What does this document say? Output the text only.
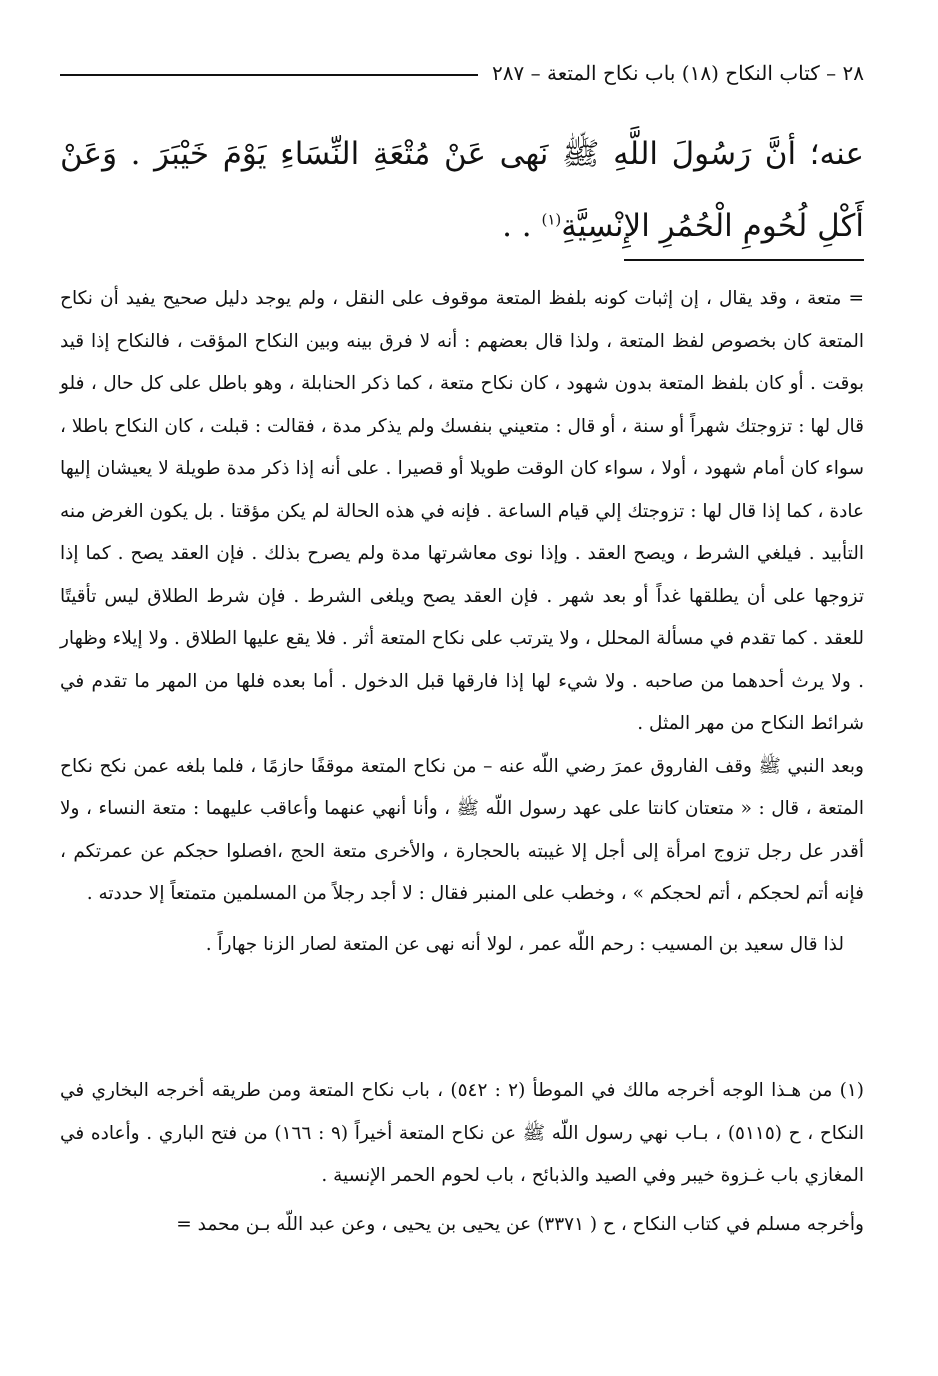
٢٨ – كتاب النكاح (١٨) باب نكاح المتعة – ٢٨٧
عنه؛ أنَّ رَسُولَ اللَّهِ ﷺ نَهى عَنْ مُتْعَةِ النِّسَاءِ يَوْمَ خَيْبَرَ . وَعَنْ أَكْلِ لُحُومِ الْحُمُرِ الإِنْسِيَّةِ$^{(١)}$ . .

= متعة ، وقد يقال ، إن إثبات كونه بلفظ المتعة موقوف على النقل ، ولم يوجد دليل صحيح يفيد أن نكاح المتعة كان بخصوص لفظ المتعة ، ولذا قال بعضهم : أنه لا فرق بينه وبين النكاح المؤقت ، فالنكاح إذا قيد بوقت . أو كان بلفظ المتعة بدون شهود ، كان نكاح متعة ، كما ذكر الحنابلة ، وهو باطل على كل حال ، فلو قال لها : تزوجتك شهراً أو سنة ، أو قال : متعيني بنفسك ولم يذكر مدة ، فقالت : قبلت ، كان النكاح باطلا ، سواء كان أمام شهود ، أولا ، سواء كان الوقت طويلا أو قصيرا . على أنه إذا ذكر مدة طويلة لا يعيشان إليها عادة ، كما إذا قال لها : تزوجتك إلي قيام الساعة . فإنه في هذه الحالة لم يكن مؤقتا . بل يكون الغرض منه التأبيد . فيلغي الشرط ، ويصح العقد . وإذا نوى معاشرتها مدة ولم يصرح بذلك . فإن العقد يصح . كما إذا تزوجها على أن يطلقها غداً أو بعد شهر . فإن العقد يصح ويلغى الشرط . فإن شرط الطلاق ليس تأقيتًا للعقد . كما تقدم في مسألة المحلل ، ولا يترتب على نكاح المتعة أثر . فلا يقع عليها الطلاق . ولا إيلاء وظهار . ولا يرث أحدهما من صاحبه . ولا شيء لها إذا فارقها قبل الدخول . أما بعده فلها من المهر ما تقدم في شرائط النكاح من مهر المثل .

وبعد النبي ﷺ وقف الفاروق عمرَ رضي اللّه عنه – من نكاح المتعة موقفًا حازمًا ، فلما بلغه عمن نكح نكاح المتعة ، قال : « متعتان كانتا على عهد رسول اللّه ﷺ ، وأنا أنهي عنهما وأعاقب عليهما : متعة النساء ، ولا أقدر عل رجل تزوج امرأة إلى أجل إلا غيبته بالحجارة ، والأخرى متعة الحج ،افصلوا حجكم عن عمرتكم ، فإنه أتم لحجكم ، أتم لحجكم » ، وخطب على المنبر فقال : لا أجد رجلاً من المسلمين متمتعاً إلا حددته .

لذا قال سعيد بن المسيب : رحم اللّه عمر ، لولا أنه نهى عن المتعة لصار الزنا جهاراً .

(١) من هـذا الوجه أخرجه مالك في الموطأ (٢ : ٥٤٢) ، باب نكاح المتعة ومن طريقه أخرجه البخاري في النكاح ، ح (٥١١٥) ، بـاب نهي رسول اللّه ﷺ عن نكاح المتعة أخيراً (٩ : ١٦٦) من فتح الباري . وأعاده في المغازي باب غـزوة خيبر وفي الصيد والذبائح ، باب لحوم الحمر الإنسية .

وأخرجه مسلم في كتاب النكاح ، ح ( ٣٣٧١) عن يحيى بن يحيى ، وعن عبد اللّه بـن محمد =
